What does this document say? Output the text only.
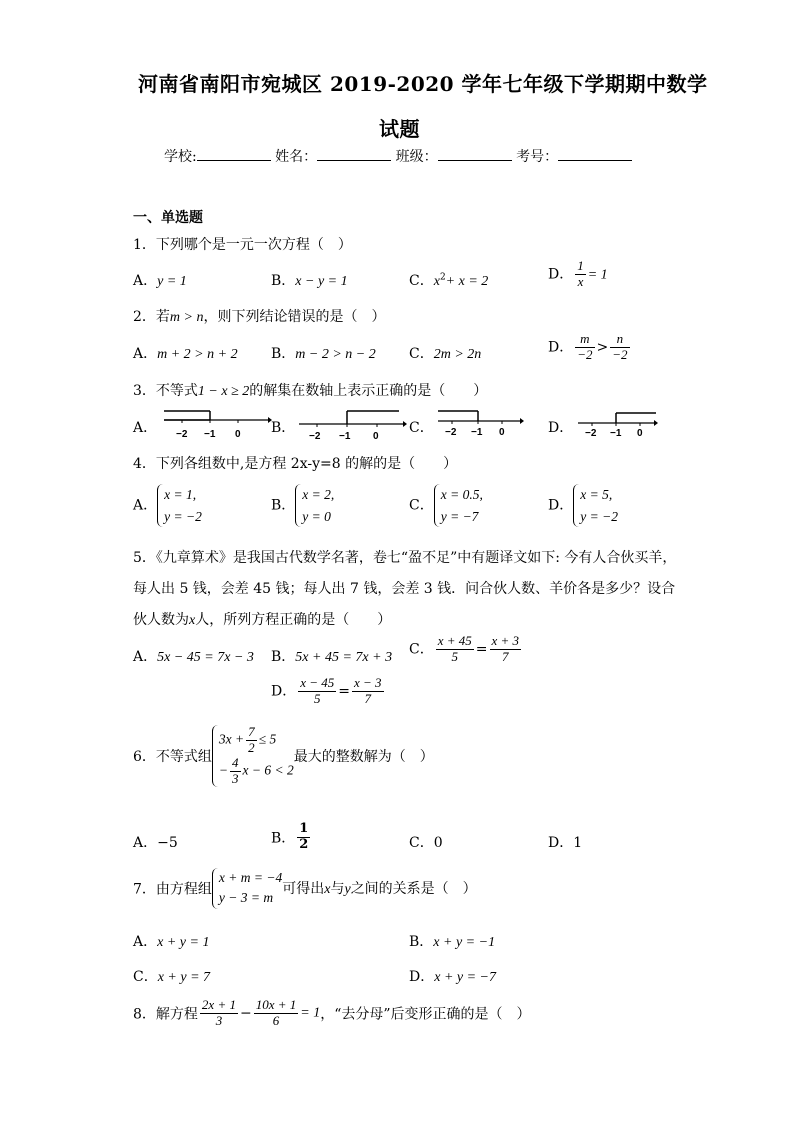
河南省南阳市宛城区 2019-2020 学年七年级下学期期中数学
试题
学校:	姓名：	班级：	考号：
一、单选题
1．下列哪个是一元一次方程（　）
A．y = 1	B．x − y = 1	C．$x^2+ x = 2$	D． $\frac{1}{x} = 1$
2．若m > n，则下列结论错误的是（　）
A．m + 2 > n + 2 B．m − 2 > n − 2 C．2m > 2n	D． $\frac{m}{-2} > \frac{n}{-2}$
3．不等式1 − x ≥ 2的解集在数轴上表示正确的是（　　）
A． −2 −1 0 B．
−2 −1 0
C． −2 −1 0	D． −2 −1 0
4．下列各组数中,是方程 2x-y=8 的解的是（　　）
A．
x = 1,
y = −2
B．
x = 2,
y = 0
C．
x = 0.5,
y = −7
D．
x = 5,
y = −2
5．《九章算术》是我国古代数学名著，卷七“盈不足”中有题译文如下: 今有人合伙买羊，
每人出 5 钱，会差 45 钱；每人出 7 钱，会差 3 钱．问合伙人数、羊价各是多少？设合
伙人数为x人，所列方程正确的是（　　）
A．5x − 45 = 7x − 3 B．5x + 45 = 7x + 3
C． $\frac{x + 45}{5} = \frac{x + 3}{7}$
D． $\frac{x - 45}{5} = \frac{x - 3}{7}$
6．不等式组
$3x + \frac{7}{2} \le 5$
− $\frac{4}{3}$ x − 6 < 2
最大的整数解为（　）
A．−5	B． $\frac{1}{2}$	C．0	D．1
7．由方程组
x + m = −4
y − 3 = m
可得出x与y之间的关系是（　）
A．x + y = 1	B．x + y = −1
C．x + y = 7	D．x + y = −7
8．解方程 $\frac{2x + 1}{3} - \frac{10x + 1}{6} = 1$，“去分母”后变形正确的是（　）
